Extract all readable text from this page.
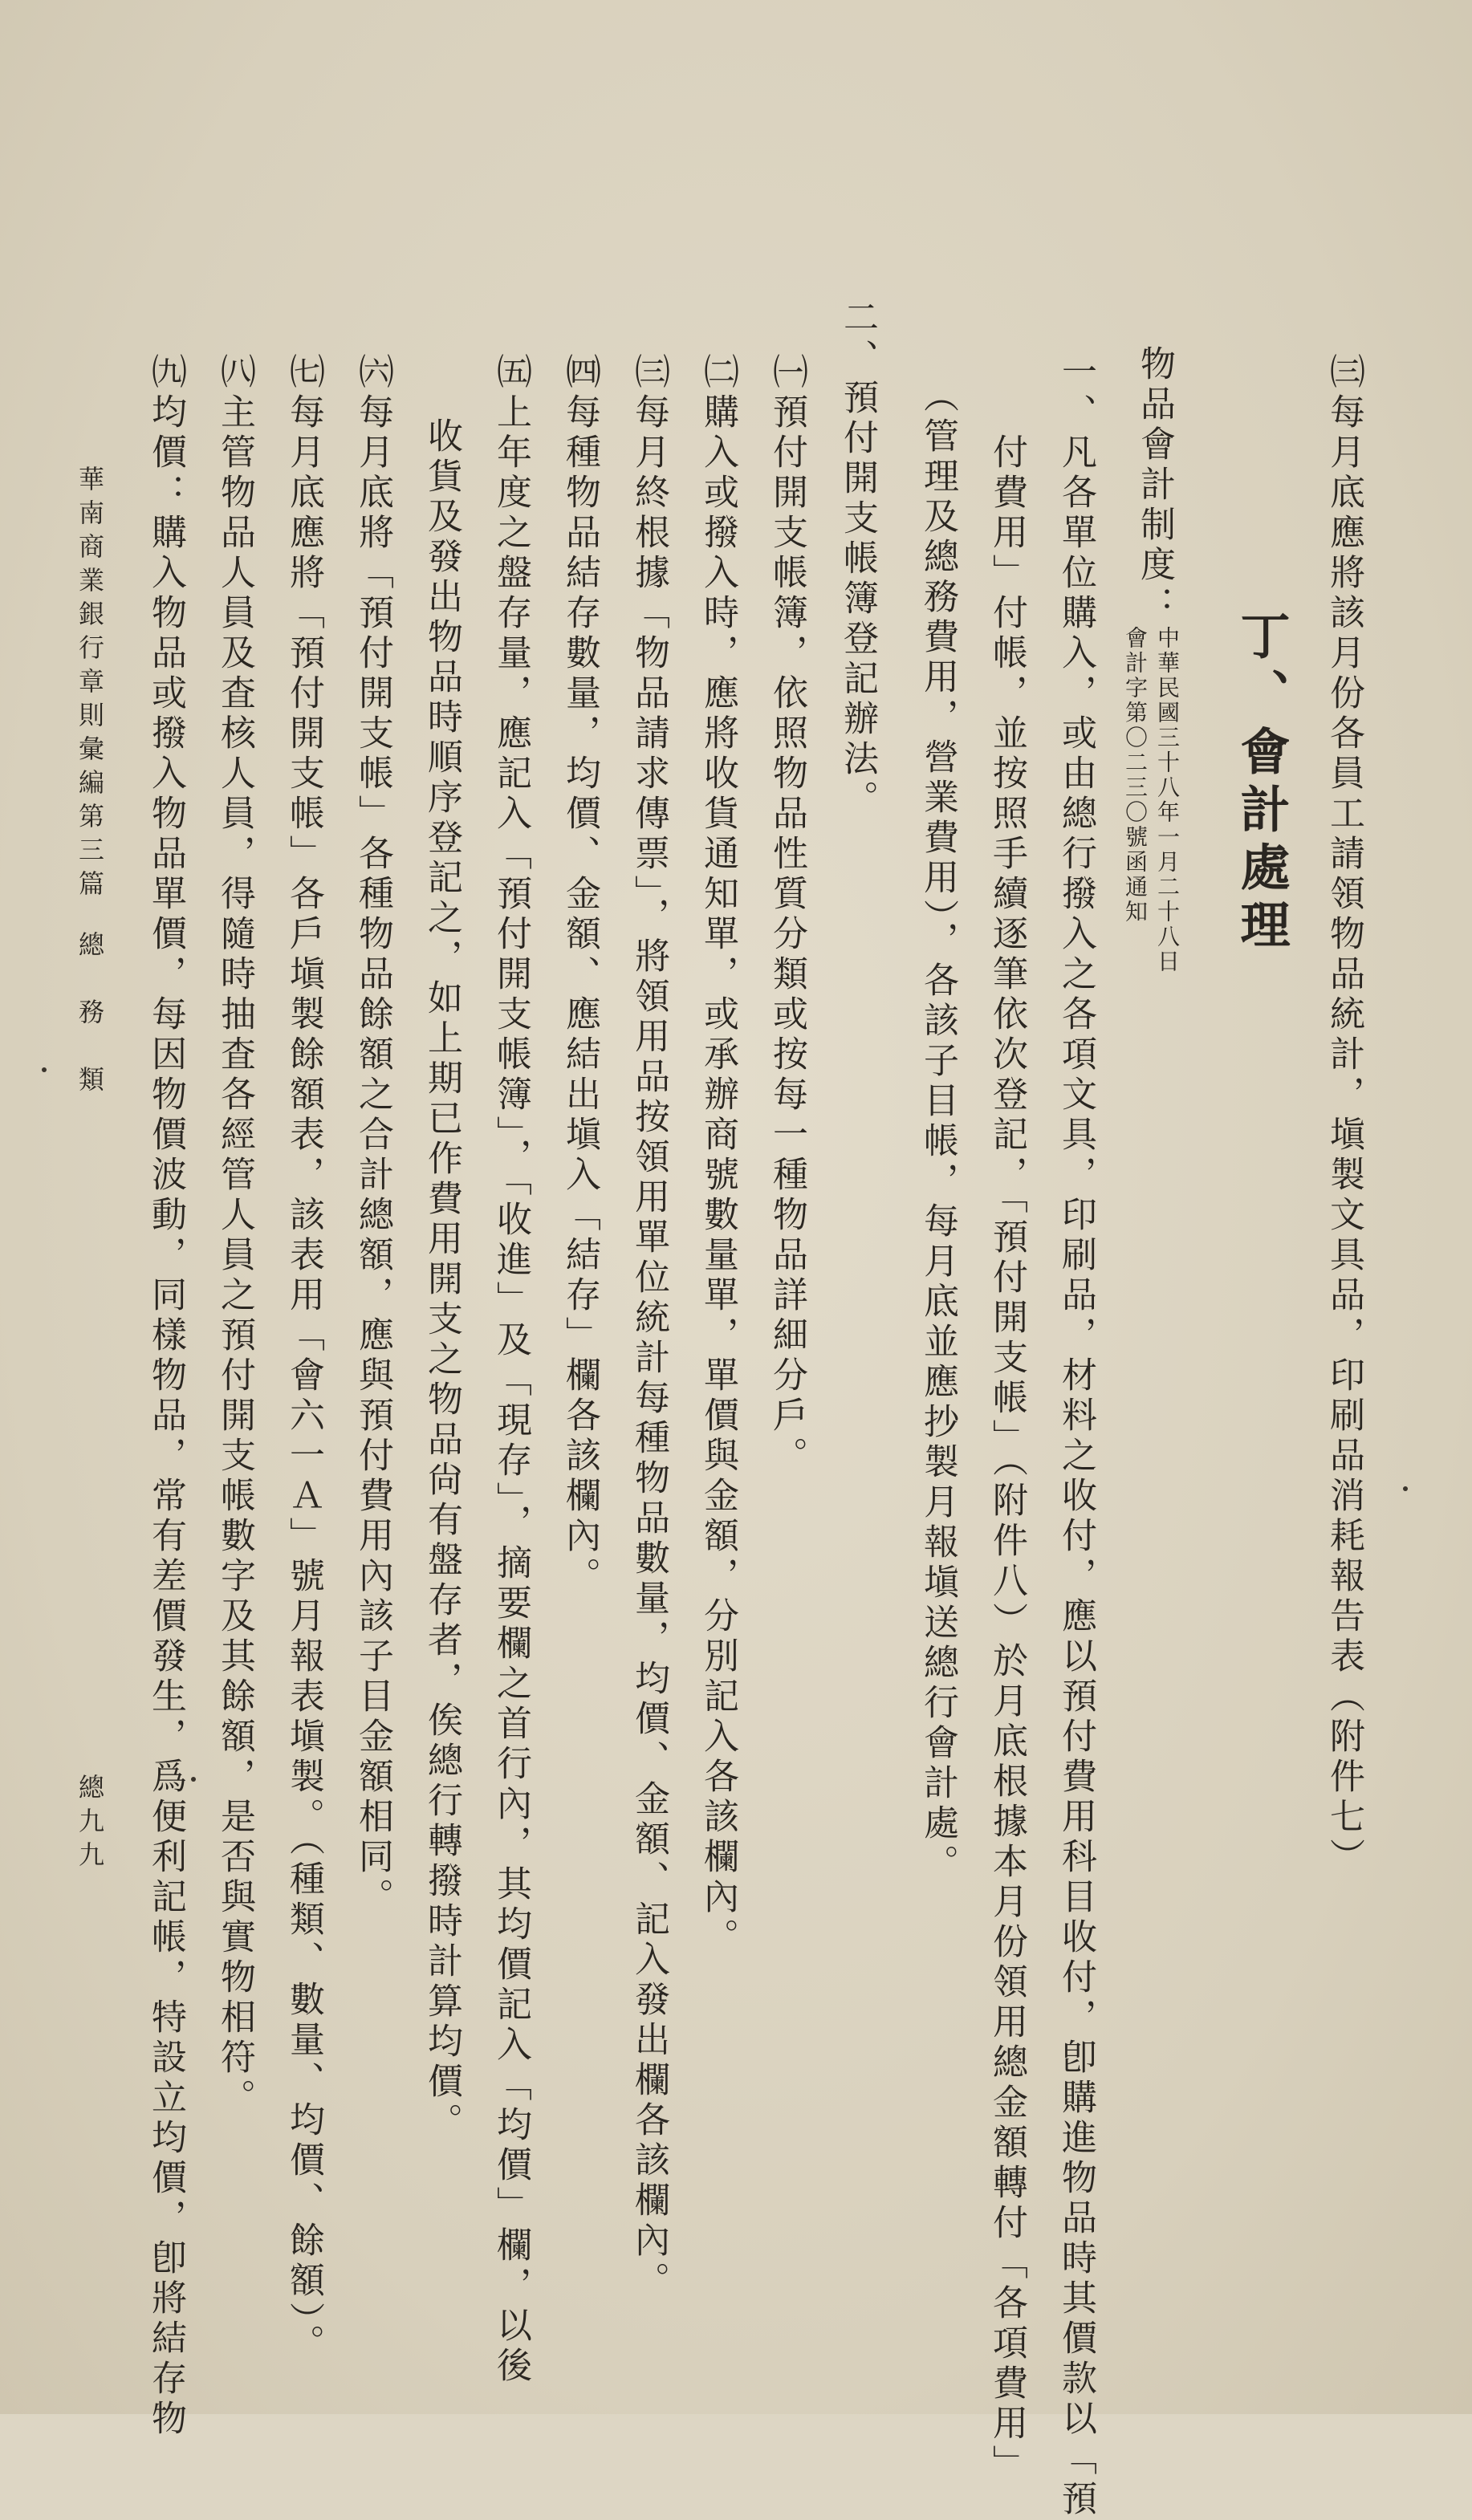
㈢每月底應將該月份各員工請領物品統計，塡製文具品，印刷品消耗報告表（附件七）
丁、會計處理
物品會計制度：
中華民國三十八年一月二十八日
會計字第〇二三〇號函通知
一、凡各單位購入，或由總行撥入之各項文具，印刷品，材料之收付，應以預付費用科目收付，卽購進物品時其價款以「預
付費用」付帳，並按照手續逐筆依次登記，「預付開支帳」（附件八）於月底根據本月份領用總金額轉付「各項費用」
（管理及總務費用，營業費用），各該子目帳，每月底並應抄製月報塡送總行會計處。
二、預付開支帳簿登記辦法。
㈠預付開支帳簿，依照物品性質分類或按每一種物品詳細分戶。
㈡購入或撥入時，應將收貨通知單，或承辦商號數量單，單價與金額，分別記入各該欄內。
㈢每月終根據「物品請求傳票」，將領用品按領用單位統計每種物品數量，均價、金額、記入發出欄各該欄內。
㈣每種物品結存數量，均價、金額、應結出塡入「結存」欄各該欄內。
㈤上年度之盤存量，應記入「預付開支帳簿」，「收進」及「現存」，摘要欄之首行內，其均價記入「均價」欄，以後
收貨及發出物品時順序登記之，如上期已作費用開支之物品尙有盤存者，俟總行轉撥時計算均價。
㈥每月底將「預付開支帳」各種物品餘額之合計總額，應與預付費用內該子目金額相同。
㈦每月底應將「預付開支帳」各戶塡製餘額表，該表用「會六一Ａ」號月報表塡製。（種類、數量、均價、餘額）。
㈧主管物品人員及査核人員，得隨時抽査各經管人員之預付開支帳數字及其餘額，是否與實物相符。
㈨均價：購入物品或撥入物品單價，每因物價波動，同樣物品，常有差價發生，爲便利記帳，特設立均價，卽將結存物
華南商業銀行章則彙編
第三篇
總　務　類
總九九
